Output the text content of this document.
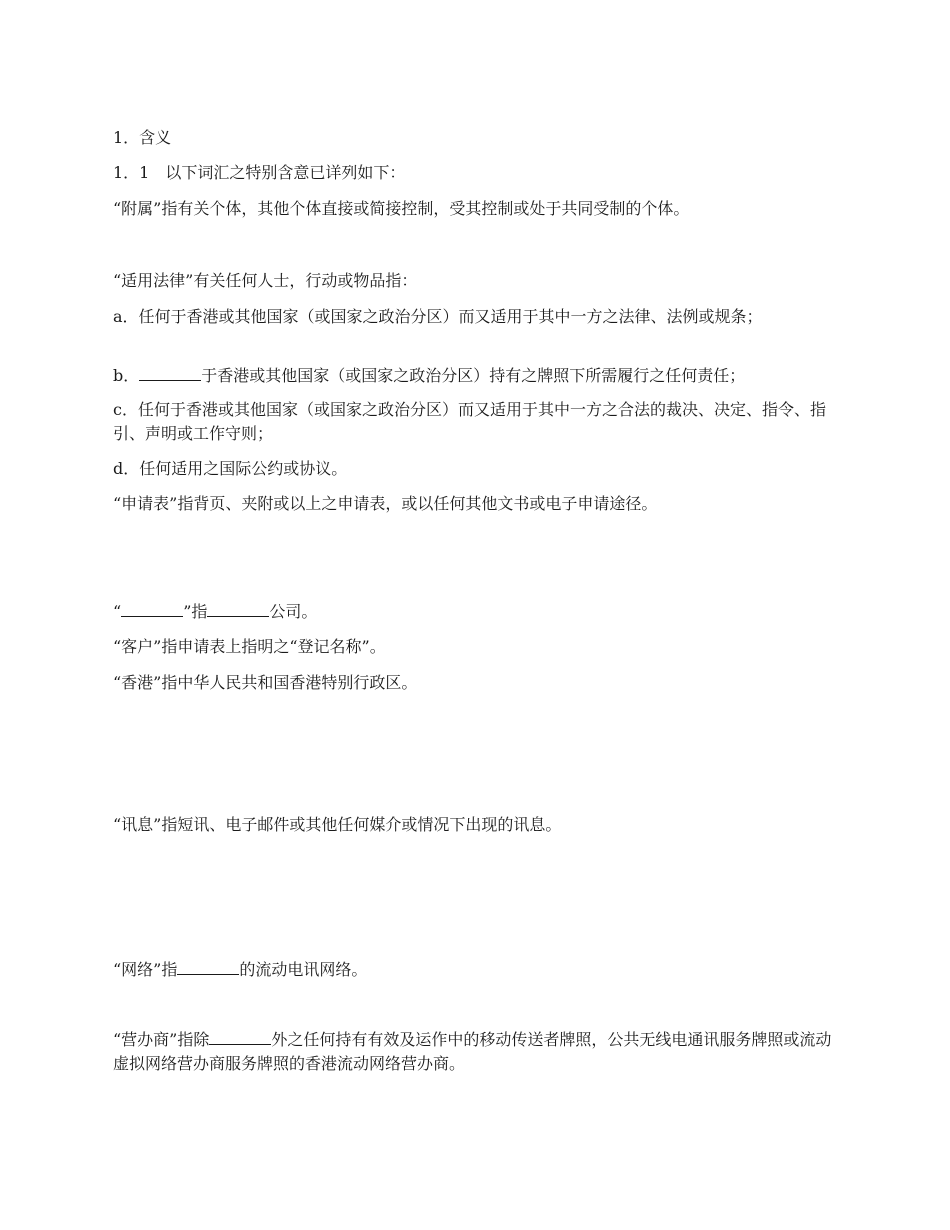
1．含义
1．1　以下词汇之特别含意已详列如下：
“附属”指有关个体，其他个体直接或简接控制，受其控制或处于共同受制的个体。
“适用法律”有关任何人士，行动或物品指：
a．任何于香港或其他国家（或国家之政治分区）而又适用于其中一方之法律、法例或规条；
b．	于香港或其他国家（或国家之政治分区）持有之牌照下所需履行之任何责任；
c．任何于香港或其他国家（或国家之政治分区）而又适用于其中一方之合法的裁决、决定、指令、指引、声明或工作守则；
d．任何适用之国际公约或协议。
“申请表”指背页、夹附或以上之申请表，或以任何其他文书或电子申请途径。
“	”指	公司。
“客户”指申请表上指明之“登记名称”。
“香港”指中华人民共和国香港特别行政区。
“讯息”指短讯、电子邮件或其他任何媒介或情况下出现的讯息。
“网络”指	的流动电讯网络。
“营办商”指除	外之任何持有有效及运作中的移动传送者牌照，公共无线电通讯服务牌照或流动虚拟网络营办商服务牌照的香港流动网络营办商。
